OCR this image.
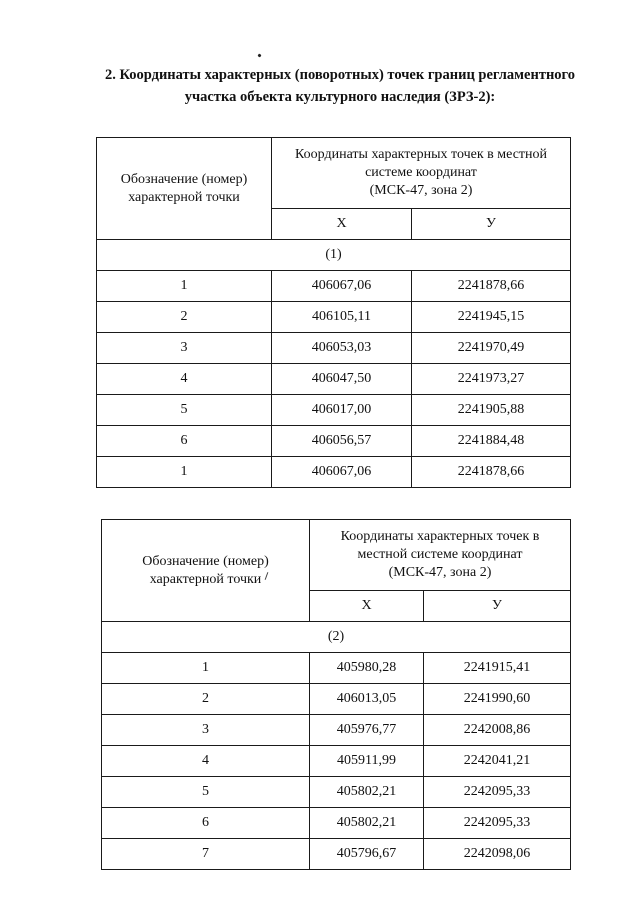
2. Координаты характерных (поворотных) точек границ регламентного
участка объекта культурного наследия (ЗРЗ-2):
Обозначение (номер)
характерной точки	Координаты характерных точек в местной
системе координат
(МСК-47, зона 2)	

	Х	У
(1)		
1	406067,06	2241878,66
2	406105,11	2241945,15
3	406053,03	2241970,49
4	406047,50	2241973,27
5	406017,00	2241905,88
6	406056,57	2241884,48
1	406067,06	2241878,66
Обозначение (номер)
характерной точки	Координаты характерных точек в
местной системе координат
(МСК-47, зона 2)	

	Х	У
(2)		
1	405980,28	2241915,41
2	406013,05	2241990,60
3	405976,77	2242008,86
4	405911,99	2242041,21
5	405802,21	2242095,33
6	405802,21	2242095,33
7	405796,67	2242098,06
